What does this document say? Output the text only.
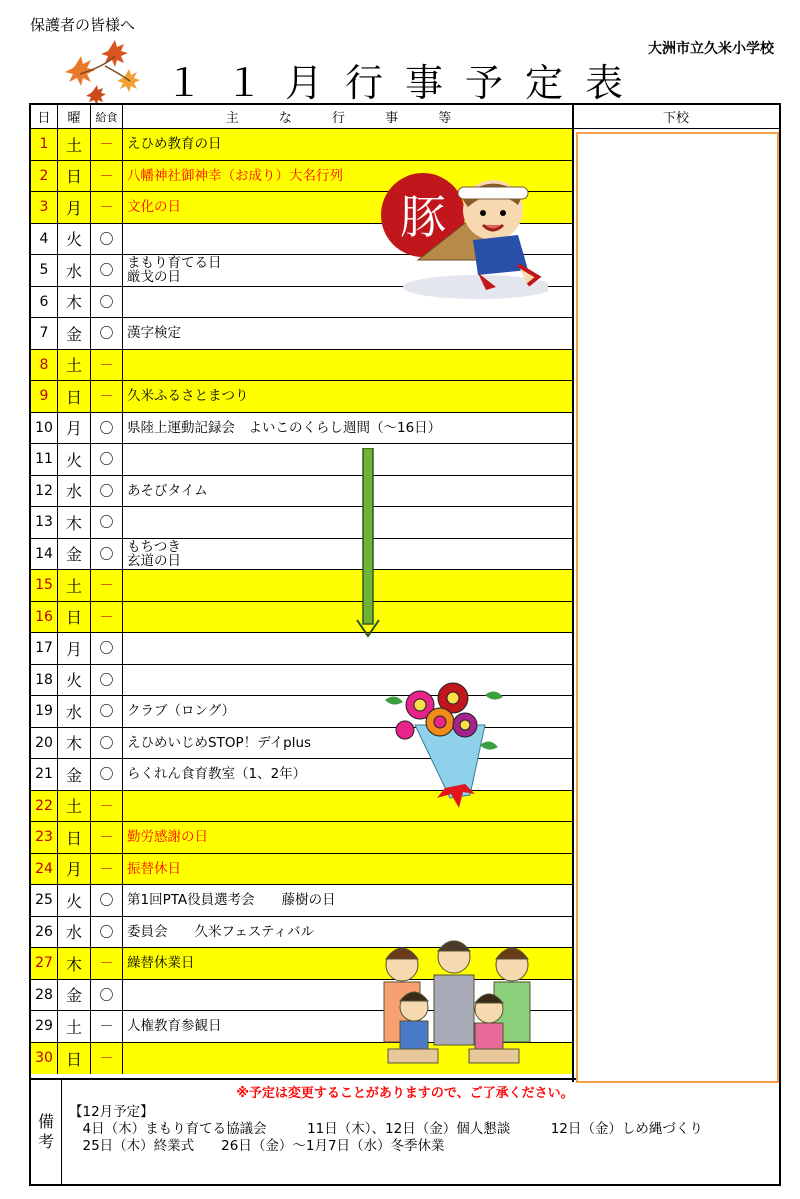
保護者の皆様へ
大洲市立久米小学校
１１月行事予定表
日	曜	給食	主 な 行 事 等	下校
1	土	－	えひめ教育の日
2	日	－	八幡神社御神幸（お成り）大名行列
3	月	－	文化の日
4	火	〇
5	水	〇	まもり育てる日
厳戈の日
6	木	〇
7	金	〇	漢字検定
8	土	－
9	日	－	久米ふるさとまつり
10 月	〇	県陸上運動記録会　よいこのくらし週間（～16日）
11 火	〇
12 水	〇	あそびタイム
13 木	〇
14 金	〇	もちつき
玄道の日
15 土	－
16 日	－
17 月	〇
18 火	〇
19 水	〇	クラブ（ロング）
20 木	〇	えひめいじめSTOP！デイplus
21 金	〇	らくれん食育教室（1、2年）
22 土	－
23 日	－	勤労感謝の日
24 月	－	振替休日
25 火	〇	第1回PTA役員選考会　　藤樹の日
26 水	〇	委員会　　久米フェスティバル
27 木	－	繰替休業日
28 金	〇
29 土	－	人権教育参観日
30 日	－
豚
備
考
※予定は変更することがありますので、ご了承ください。
【12月予定】
　4日（木）まもり育てる協議会　　　11日（木）、12日（金）個人懇談　　　12日（金）しめ縄づくり
　25日（木）終業式　　26日（金）～1月7日（水）冬季休業
